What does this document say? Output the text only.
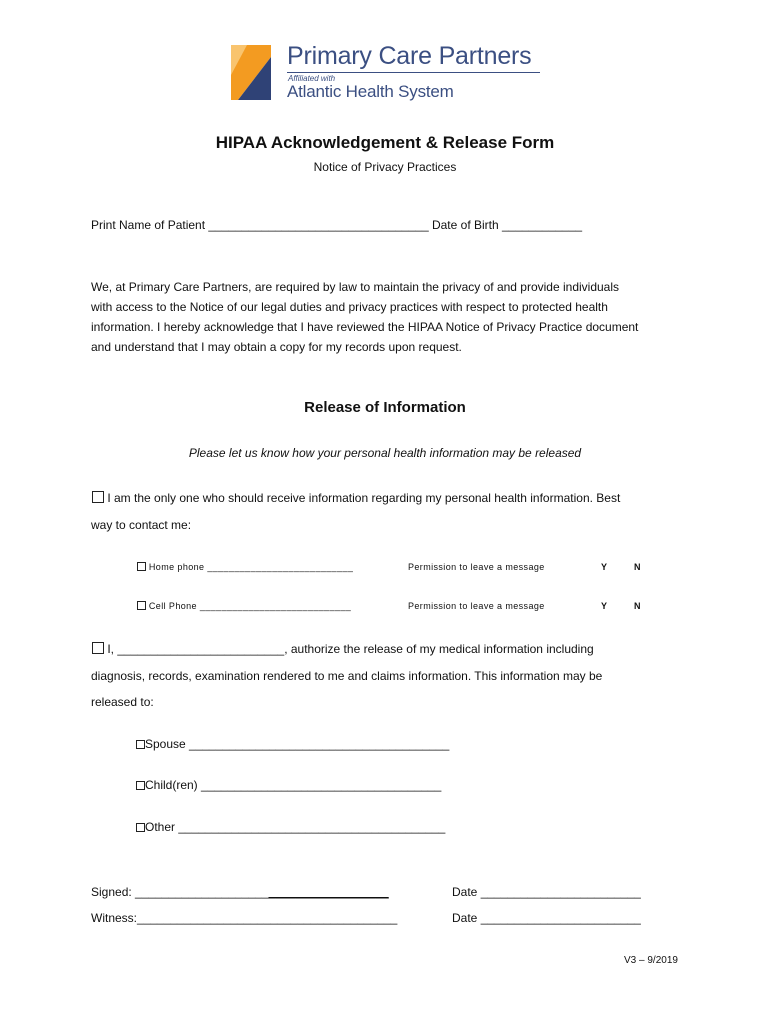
Primary Care Partners
Affiliated with
Atlantic Health System
HIPAA Acknowledgement & Release Form
Notice of Privacy Practices
Print Name of Patient _________________________________ Date of Birth ____________
We, at Primary Care Partners, are required by law to maintain the privacy of and provide individuals
with access to the Notice of our legal duties and privacy practices with respect to protected health
information. I hereby acknowledge that I have reviewed the HIPAA Notice of Privacy Practice document
and understand that I may obtain a copy for my records upon request.
Release of Information
Please let us know how your personal health information may be released
I am the only one who should receive information regarding my personal health information. Best
way to contact me:
Home phone ___________________________	Permission to leave a message	Y	N
Cell Phone ____________________________	Permission to leave a message	Y	N
I, _________________________, authorize the release of my medical information including
diagnosis, records, examination rendered to me and claims information. This information may be
released to:
Spouse _______________________________________
Child(ren) ____________________________________
Other ________________________________________
Signed: ______________________________________	Date ________________________
Witness:_______________________________________	Date ________________________
V3 – 9/2019
